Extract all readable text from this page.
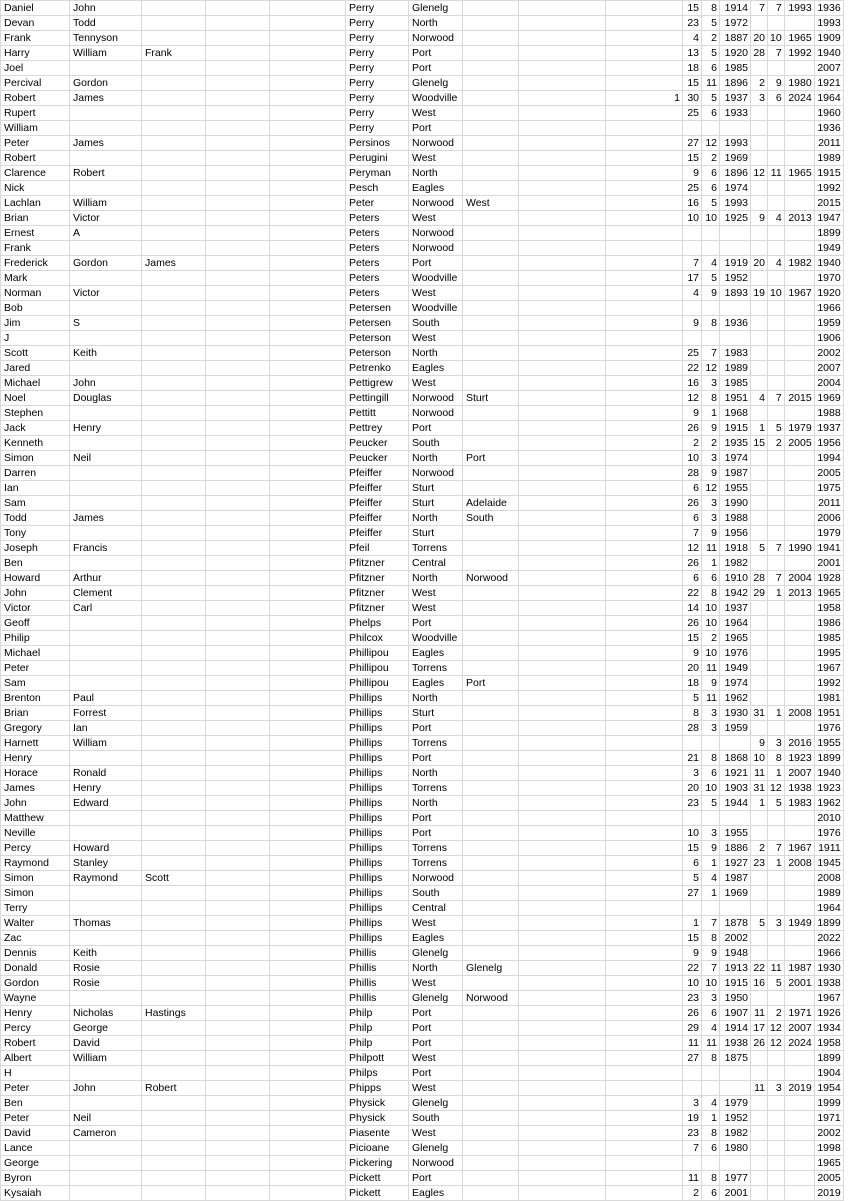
Daniel	John				Perry	Glenelg				15	8	1914	7	7	1993	1936
Devan	Todd				Perry	North				23	5	1972				1993
Frank	Tennyson				Perry	Norwood				4	2	1887	20	10	1965	1909
Harry	William	Frank			Perry	Port				13	5	1920	28	7	1992	1940
Joel					Perry	Port				18	6	1985				2007
Percival	Gordon				Perry	Glenelg				15	11	1896	2	9	1980	1921
Robert	James				Perry	Woodville			1	30	5	1937	3	6	2024	1964
Rupert					Perry	West				25	6	1933				1960
William					Perry	Port										1936
Peter	James				Persinos	Norwood				27	12	1993				2011
Robert					Perugini	West				15	2	1969				1989
Clarence	Robert				Peryman	North				9	6	1896	12	11	1965	1915
Nick					Pesch	Eagles				25	6	1974				1992
Lachlan	William				Peter	Norwood	West			16	5	1993				2015
Brian	Victor				Peters	West				10	10	1925	9	4	2013	1947
Ernest	A				Peters	Norwood										1899
Frank					Peters	Norwood										1949
Frederick	Gordon	James			Peters	Port				7	4	1919	20	4	1982	1940
Mark					Peters	Woodville				17	5	1952				1970
Norman	Victor				Peters	West				4	9	1893	19	10	1967	1920
Bob					Petersen	Woodville										1966
Jim	S				Petersen	South				9	8	1936				1959
J					Peterson	West										1906
Scott	Keith				Peterson	North				25	7	1983				2002
Jared					Petrenko	Eagles				22	12	1989				2007
Michael	John				Pettigrew	West				16	3	1985				2004
Noel	Douglas				Pettingill	Norwood	Sturt			12	8	1951	4	7	2015	1969
Stephen					Pettitt	Norwood				9	1	1968				1988
Jack	Henry				Pettrey	Port				26	9	1915	1	5	1979	1937
Kenneth					Peucker	South				2	2	1935	15	2	2005	1956
Simon	Neil				Peucker	North	Port			10	3	1974				1994
Darren					Pfeiffer	Norwood				28	9	1987				2005
Ian					Pfeiffer	Sturt				6	12	1955				1975
Sam					Pfeiffer	Sturt	Adelaide			26	3	1990				2011
Todd	James				Pfeiffer	North	South			6	3	1988				2006
Tony					Pfeiffer	Sturt				7	9	1956				1979
Joseph	Francis				Pfeil	Torrens				12	11	1918	5	7	1990	1941
Ben					Pfitzner	Central				26	1	1982				2001
Howard	Arthur				Pfitzner	North	Norwood			6	6	1910	28	7	2004	1928
John	Clement				Pfitzner	West				22	8	1942	29	1	2013	1965
Victor	Carl				Pfitzner	West				14	10	1937				1958
Geoff					Phelps	Port				26	10	1964				1986
Philip					Philcox	Woodville				15	2	1965				1985
Michael					Phillipou	Eagles				9	10	1976				1995
Peter					Phillipou	Torrens				20	11	1949				1967
Sam					Phillipou	Eagles	Port			18	9	1974				1992
Brenton	Paul				Phillips	North				5	11	1962				1981
Brian	Forrest				Phillips	Sturt				8	3	1930	31	1	2008	1951
Gregory	Ian				Phillips	Port				28	3	1959				1976
Harnett	William				Phillips	Torrens							9	3	2016	1955
Henry					Phillips	Port				21	8	1868	10	8	1923	1899
Horace	Ronald				Phillips	North				3	6	1921	11	1	2007	1940
James	Henry				Phillips	Torrens				20	10	1903	31	12	1938	1923
John	Edward				Phillips	North				23	5	1944	1	5	1983	1962
Matthew					Phillips	Port										2010
Neville					Phillips	Port				10	3	1955				1976
Percy	Howard				Phillips	Torrens				15	9	1886	2	7	1967	1911
Raymond	Stanley				Phillips	Torrens				6	1	1927	23	1	2008	1945
Simon	Raymond	Scott			Phillips	Norwood				5	4	1987				2008
Simon					Phillips	South				27	1	1969				1989
Terry					Phillips	Central										1964
Walter	Thomas				Phillips	West				1	7	1878	5	3	1949	1899
Zac					Phillips	Eagles				15	8	2002				2022
Dennis	Keith				Phillis	Glenelg				9	9	1948				1966
Donald	Rosie				Phillis	North	Glenelg			22	7	1913	22	11	1987	1930
Gordon	Rosie				Phillis	West				10	10	1915	16	5	2001	1938
Wayne					Phillis	Glenelg	Norwood			23	3	1950				1967
Henry	Nicholas	Hastings			Philp	Port				26	6	1907	11	2	1971	1926
Percy	George				Philp	Port				29	4	1914	17	12	2007	1934
Robert	David				Philp	Port				11	11	1938	26	12	2024	1958
Albert	William				Philpott	West				27	8	1875				1899
H					Philps	Port										1904
Peter	John	Robert			Phipps	West							11	3	2019	1954
Ben					Physick	Glenelg				3	4	1979				1999
Peter	Neil				Physick	South				19	1	1952				1971
David	Cameron				Piasente	West				23	8	1982				2002
Lance					Picioane	Glenelg				7	6	1980				1998
George					Pickering	Norwood										1965
Byron					Pickett	Port				11	8	1977				2005
Kysaiah					Pickett	Eagles				2	6	2001				2019
